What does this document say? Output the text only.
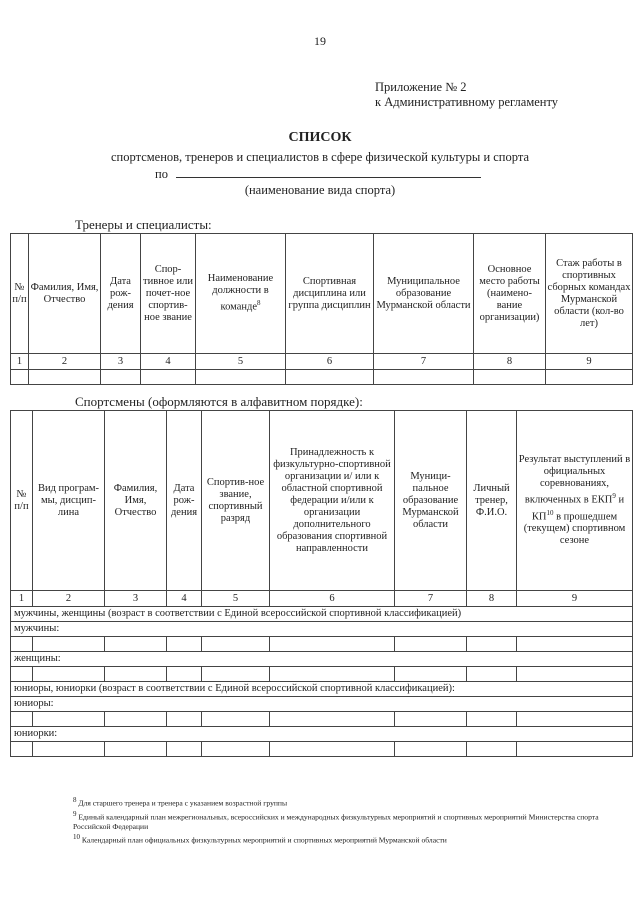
19
Приложение № 2
к Административному регламенту
СПИСОК
спортсменов, тренеров и специалистов в сфере физической культуры и спорта
по
(наименование вида спорта)
Тренеры и специалисты:
№ п/п	Фамилия, Имя, Отчество	Дата рож-дения	Спор-тивное или почет-ное спортив-ное звание	Наименование должности в команде$^8$	Спортивная дисциплина или группа дисциплин	Муниципальное образование Мурманской области	Основное место работы (наимено-вание организации)	Стаж работы в спортивных сборных командах Мурманской области (кол-во лет)
1	2	3	4	5	6	7	8	9

Спортсмены (оформляются в алфавитном порядке):
№ п/п	Вид програм-мы, дисцип-лина	Фамилия, Имя, Отчество	Дата рож-дения	Спортив-ное звание, спортивный разряд	Принадлежность к физкультурно-спортивной организации и/ или к областной спортивной федерации и/или к организации дополнительного образования спортивной направленности	Муници-пальное образование Мурманской области	Личный тренер, Ф.И.О.	Результат выступлений в официальных соревнованиях, включенных в ЕКП$^9$ и КП$^{10}$ в прошедшем (текущем) спортивном сезоне
1	2	3	4	5	6	7	8	9
мужчины, женщины (возраст в соответствии с Единой всероссийской спортивной классификацией)								
мужчины:								

женщины:								

юниоры, юниорки (возраст в соответствии с Единой всероссийской спортивной классификацией):								
юниоры:								

юниорки:								

$^8$ Для старшего тренера и тренера с указанием возрастной группы
$^9$ Единый календарный план межрегиональных, всероссийских и международных физкультурных мероприятий и спортивных мероприятий Министерства спорта Российской Федерации
$^{10}$ Календарный план официальных физкультурных мероприятий и спортивных мероприятий Мурманской области
